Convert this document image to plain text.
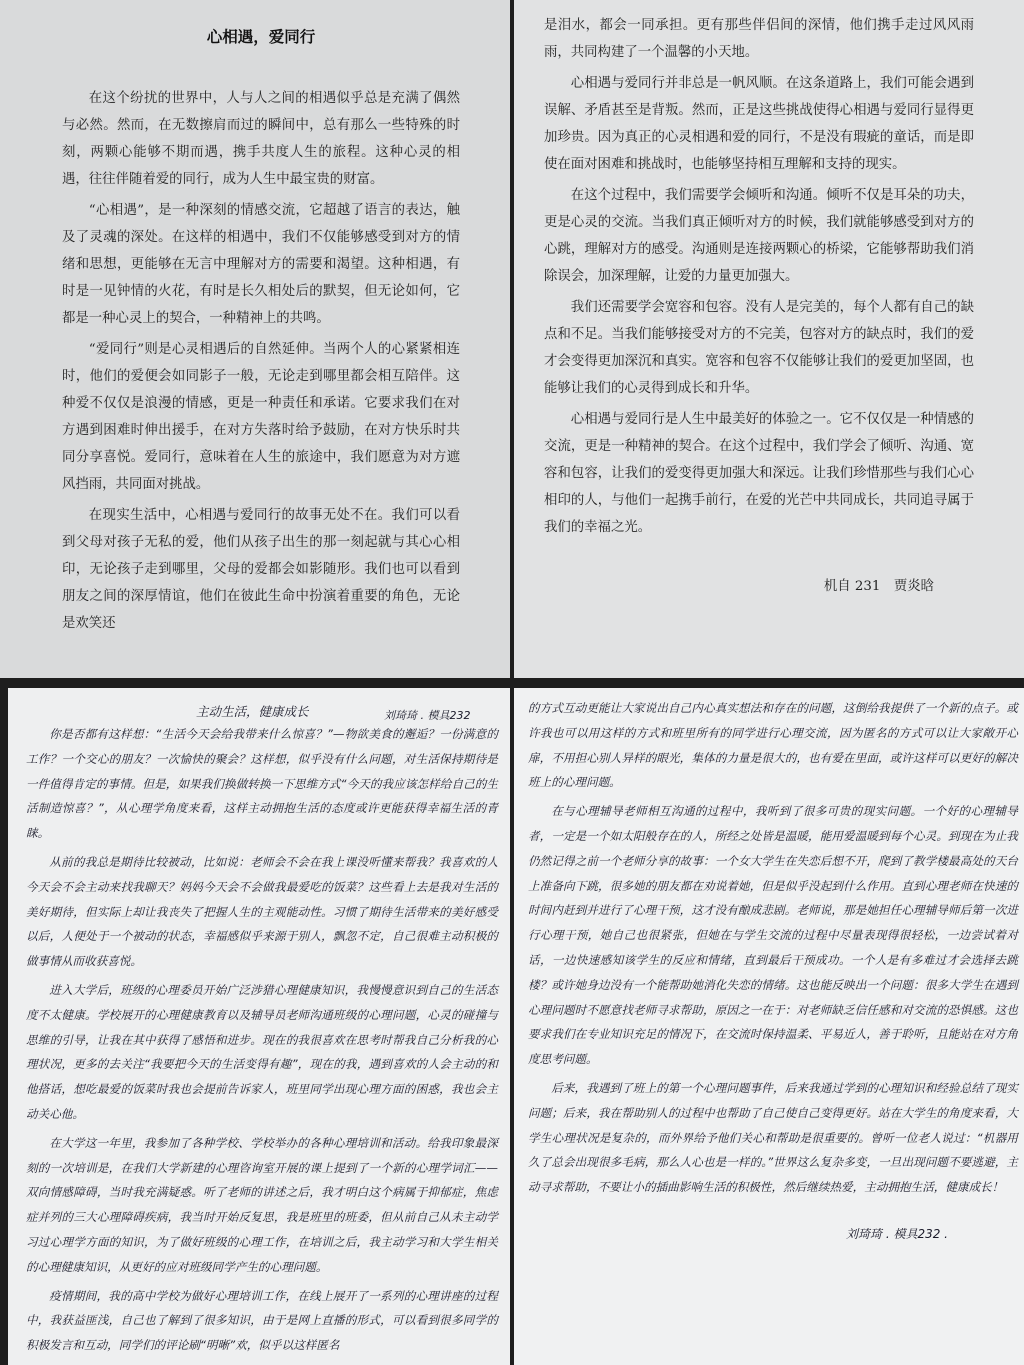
心相遇，爱同行

在这个纷扰的世界中，人与人之间的相遇似乎总是充满了偶然与必然。然而，在无数擦肩而过的瞬间中，总有那么一些特殊的时刻，两颗心能够不期而遇，携手共度人生的旅程。这种心灵的相遇，往往伴随着爱的同行，成为人生中最宝贵的财富。

“心相遇”，是一种深刻的情感交流，它超越了语言的表达，触及了灵魂的深处。在这样的相遇中，我们不仅能够感受到对方的情绪和思想，更能够在无言中理解对方的需要和渴望。这种相遇，有时是一见钟情的火花，有时是长久相处后的默契，但无论如何，它都是一种心灵上的契合，一种精神上的共鸣。

“爱同行”则是心灵相遇后的自然延伸。当两个人的心紧紧相连时，他们的爱便会如同影子一般，无论走到哪里都会相互陪伴。这种爱不仅仅是浪漫的情感，更是一种责任和承诺。它要求我们在对方遇到困难时伸出援手，在对方失落时给予鼓励，在对方快乐时共同分享喜悦。爱同行，意味着在人生的旅途中，我们愿意为对方遮风挡雨，共同面对挑战。

在现实生活中，心相遇与爱同行的故事无处不在。我们可以看到父母对孩子无私的爱，他们从孩子出生的那一刻起就与其心心相印，无论孩子走到哪里，父母的爱都会如影随形。我们也可以看到朋友之间的深厚情谊，他们在彼此生命中扮演着重要的角色，无论是欢笑还

是泪水，都会一同承担。更有那些伴侣间的深情，他们携手走过风风雨雨，共同构建了一个温馨的小天地。

心相遇与爱同行并非总是一帆风顺。在这条道路上，我们可能会遇到误解、矛盾甚至是背叛。然而，正是这些挑战使得心相遇与爱同行显得更加珍贵。因为真正的心灵相遇和爱的同行，不是没有瑕疵的童话，而是即使在面对困难和挑战时，也能够坚持相互理解和支持的现实。

在这个过程中，我们需要学会倾听和沟通。倾听不仅是耳朵的功夫，更是心灵的交流。当我们真正倾听对方的时候，我们就能够感受到对方的心跳，理解对方的感受。沟通则是连接两颗心的桥梁，它能够帮助我们消除误会，加深理解，让爱的力量更加强大。

我们还需要学会宽容和包容。没有人是完美的，每个人都有自己的缺点和不足。当我们能够接受对方的不完美，包容对方的缺点时，我们的爱才会变得更加深沉和真实。宽容和包容不仅能够让我们的爱更加坚固，也能够让我们的心灵得到成长和升华。

心相遇与爱同行是人生中最美好的体验之一。它不仅仅是一种情感的交流，更是一种精神的契合。在这个过程中，我们学会了倾听、沟通、宽容和包容，让我们的爱变得更加强大和深远。让我们珍惜那些与我们心心相印的人，与他们一起携手前行，在爱的光芒中共同成长，共同追寻属于我们的幸福之光。

机自 231　贾炎晗
主动生活，健康成长	刘琦琦 . 模具232

你是否都有这样想：“生活今天会给我带来什么惊喜？”—物欲美食的邂逅？一份满意的工作？一个交心的朋友？一次愉快的聚会？这样想，似乎没有什么问题，对生活保持期待是一件值得肯定的事情。但是，如果我们换做转换一下思维方式“今天的我应该怎样给自己的生活制造惊喜？”，从心理学角度来看，这样主动拥抱生活的态度或许更能获得幸福生活的青睐。

从前的我总是期待比较被动，比如说：老师会不会在我上课没听懂来帮我？我喜欢的人今天会不会主动来找我聊天？妈妈今天会不会做我最爱吃的饭菜？这些看上去是我对生活的美好期待，但实际上却让我丧失了把握人生的主观能动性。习惯了期待生活带来的美好感受以后，人便处于一个被动的状态，幸福感似乎来源于别人，飘忽不定，自己很难主动积极的做事情从而收获喜悦。

进入大学后，班级的心理委员开始广泛涉猎心理健康知识，我慢慢意识到自己的生活态度不太健康。学校展开的心理健康教育以及辅导员老师沟通班级的心理问题，心灵的碰撞与思维的引导，让我在其中获得了感悟和进步。现在的我很喜欢在思考时帮我自己分析我的心理状况，更多的去关注“我要把今天的生活变得有趣”，现在的我，遇到喜欢的人会主动的和他搭话，想吃最爱的饭菜时我也会提前告诉家人，班里同学出现心理方面的困惑，我也会主动关心他。

在大学这一年里，我参加了各种学校、学校举办的各种心理培训和活动。给我印象最深刻的一次培训是，在我们大学新建的心理咨询室开展的课上提到了一个新的心理学词汇——双向情感障碍，当时我充满疑惑。听了老师的讲述之后，我才明白这个病属于抑郁症，焦虑症并列的三大心理障碍疾病，我当时开始反复思，我是班里的班委，但从前自己从未主动学习过心理学方面的知识，为了做好班级的心理工作，在培训之后，我主动学习和大学生相关的心理健康知识，从更好的应对班级同学产生的心理问题。

疫情期间，我的高中学校为做好心理培训工作，在线上展开了一系列的心理讲座的过程中，我获益匪浅，自己也了解到了很多知识，由于是网上直播的形式，可以看到很多同学的积极发言和互动，同学们的评论刷“明晰”欢，似乎以这样匿名

的方式互动更能让大家说出自己内心真实想法和存在的问题，这倒给我提供了一个新的点子。或许我也可以用这样的方式和班里所有的同学进行心理交流，因为匿名的方式可以让大家敞开心扉，不用担心别人异样的眼光，集体的力量是很大的，也有爱在里面，或许这样可以更好的解决班上的心理问题。

在与心理辅导老师相互沟通的过程中，我听到了很多可贵的现实问题。一个好的心理辅导者，一定是一个如太阳般存在的人，所经之处皆是温暖，能用爱温暖到每个心灵。到现在为止我仍然记得之前一个老师分享的故事：一个女大学生在失恋后想不开，爬到了教学楼最高处的天台上准备向下跳，很多她的朋友都在劝说着她，但是似乎没起到什么作用。直到心理老师在快速的时间内赶到并进行了心理干预，这才没有酿成悲剧。老师说，那是她担任心理辅导师后第一次进行心理干预，她自己也很紧张，但她在与学生交流的过程中尽量表现得很轻松，一边尝试着对话，一边快速感知该学生的反应和情绪，直到最后干预成功。一个人是有多难过才会选择去跳楼？或许她身边没有一个能帮助她消化失恋的情绪。这也能反映出一个问题：很多大学生在遇到心理问题时不愿意找老师寻求帮助，原因之一在于：对老师缺乏信任感和对交流的恐惧感。这也要求我们在专业知识充足的情况下，在交流时保持温柔、平易近人，善于聆听，且能站在对方角度思考问题。

后来，我遇到了班上的第一个心理问题事件，后来我通过学到的心理知识和经验总结了现实问题；后来，我在帮助别人的过程中也帮助了自己使自己变得更好。站在大学生的角度来看，大学生心理状况是复杂的，而外界给予他们关心和帮助是很重要的。曾听一位老人说过：“机器用久了总会出现很多毛病，那么人心也是一样的。”世界这么复杂多变，一旦出现问题不要逃避，主动寻求帮助，不要让小的插曲影响生活的积极性，然后继续热爱，主动拥抱生活，健康成长！

刘琦琦 . 模具232 .
